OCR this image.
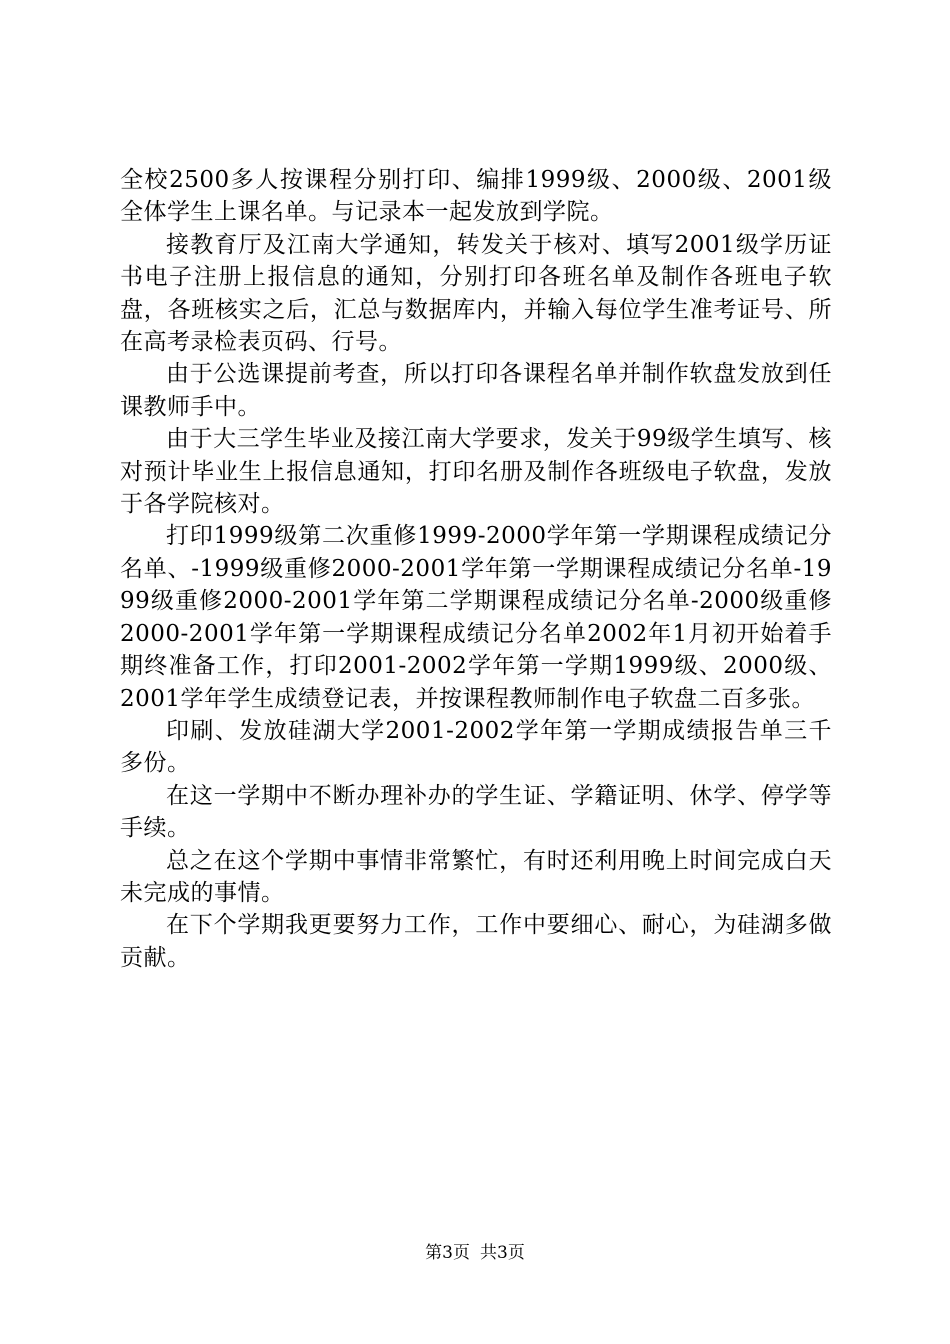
全校2500多人按课程分别打印、编排1999级、2000级、2001级全体学生上课名单。与记录本一起发放到学院。

接教育厅及江南大学通知，转发关于核对、填写2001级学历证书电子注册上报信息的通知，分别打印各班名单及制作各班电子软盘，各班核实之后，汇总与数据库内，并输入每位学生准考证号、所在高考录检表页码、行号。

由于公选课提前考查，所以打印各课程名单并制作软盘发放到任课教师手中。

由于大三学生毕业及接江南大学要求，发关于99级学生填写、核对预计毕业生上报信息通知，打印名册及制作各班级电子软盘，发放于各学院核对。

打印1999级第二次重修1999-2000学年第一学期课程成绩记分名单、-1999级重修2000-2001学年第一学期课程成绩记分名单-1999级重修2000-2001学年第二学期课程成绩记分名单-2000级重修2000-2001学年第一学期课程成绩记分名单2002年1月初开始着手期终准备工作，打印2001-2002学年第一学期1999级、2000级、2001学年学生成绩登记表，并按课程教师制作电子软盘二百多张。

印刷、发放硅湖大学2001-2002学年第一学期成绩报告单三千多份。

在这一学期中不断办理补办的学生证、学籍证明、休学、停学等手续。

总之在这个学期中事情非常繁忙，有时还利用晚上时间完成白天未完成的事情。

在下个学期我更要努力工作，工作中要细心、耐心，为硅湖多做贡献。

第3页 共3页
